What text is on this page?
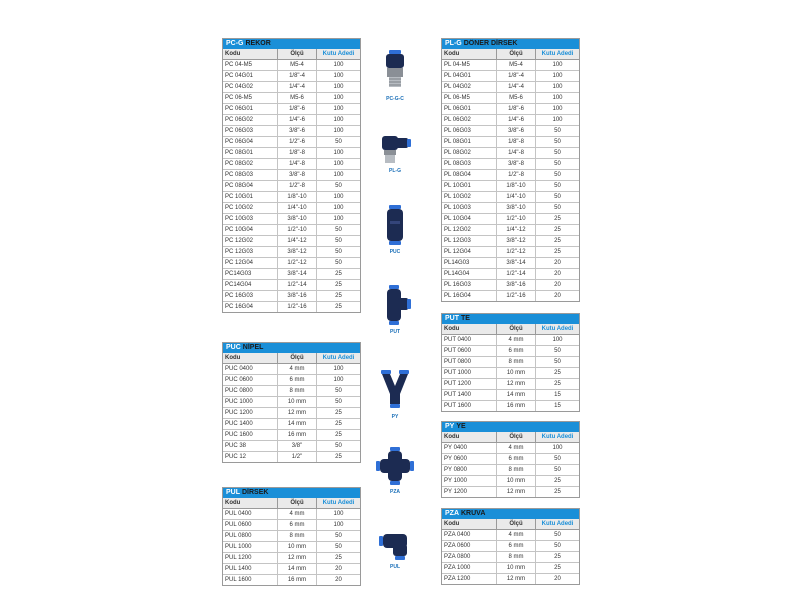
PC-G REKOR
Kodu	Ölçü	Kutu Adedi
PC 04-M5	M5-4	100
PC 04G01	1/8"-4	100
PC 04G02	1/4"-4	100
PC 06-M5	M5-6	100
PC 06G01	1/8"-6	100
PC 06G02	1/4"-6	100
PC 06G03	3/8"-6	100
PC 06G04	1/2"-6	50
PC 08G01	1/8"-8	100
PC 08G02	1/4"-8	100
PC 08G03	3/8"-8	100
PC 08G04	1/2"-8	50
PC 10G01	1/8"-10	100
PC 10G02	1/4"-10	100
PC 10G03	3/8"-10	100
PC 10G04	1/2"-10	50
PC 12G02	1/4"-12	50
PC 12G03	3/8"-12	50
PC 12G04	1/2"-12	50
PC14G03	3/8"-14	25
PC14G04	1/2"-14	25
PC 16G03	3/8"-16	25
PC 16G04	1/2"-16	25
PUC NİPEL
Kodu	Ölçü	Kutu Adedi
PUC 0400	4 mm	100
PUC 0600	6 mm	100
PUC 0800	8 mm	50
PUC 1000	10 mm	50
PUC 1200	12 mm	25
PUC 1400	14 mm	25
PUC 1600	16 mm	25
PUC 38	3/8"	50
PUC 12	1/2"	25
PUL DİRSEK
Kodu	Ölçü	Kutu Adedi
PUL 0400	4 mm	100
PUL 0600	6 mm	100
PUL 0800	8 mm	50
PUL 1000	10 mm	50
PUL 1200	12 mm	25
PUL 1400	14 mm	20
PUL 1600	16 mm	20
PL-G DÖNER DİRSEK
Kodu	Ölçü	Kutu Adedi
PL 04-M5	M5-4	100
PL 04G01	1/8"-4	100
PL 04G02	1/4"-4	100
PL 06-M5	M5-6	100
PL 06G01	1/8"-6	100
PL 06G02	1/4"-6	100
PL 06G03	3/8"-6	50
PL 08G01	1/8"-8	50
PL 08G02	1/4"-8	50
PL 08G03	3/8"-8	50
PL 08G04	1/2"-8	50
PL 10G01	1/8"-10	50
PL 10G02	1/4"-10	50
PL 10G03	3/8"-10	50
PL 10G04	1/2"-10	25
PL 12G02	1/4"-12	25
PL 12G03	3/8"-12	25
PL 12G04	1/2"-12	25
PL14G03	3/8"-14	20
PL14G04	1/2"-14	20
PL 16G03	3/8"-16	20
PL 16G04	1/2"-16	20
PUT TE
Kodu	Ölçü	Kutu Adedi
PUT 0400	4 mm	100
PUT 0600	6 mm	50
PUT 0800	8 mm	50
PUT 1000	10 mm	25
PUT 1200	12 mm	25
PUT 1400	14 mm	15
PUT 1600	16 mm	15
PY YE
Kodu	Ölçü	Kutu Adedi
PY 0400	4 mm	100
PY 0600	6 mm	50
PY 0800	8 mm	50
PY 1000	10 mm	25
PY 1200	12 mm	25
PZA KRUVA
Kodu	Ölçü	Kutu Adedi
PZA 0400	4 mm	50
PZA 0600	6 mm	50
PZA 0800	8 mm	25
PZA 1000	10 mm	25
PZA 1200	12 mm	20
PC-G-C
PL-G
PUC
PUT
PY
PZA
PUL
